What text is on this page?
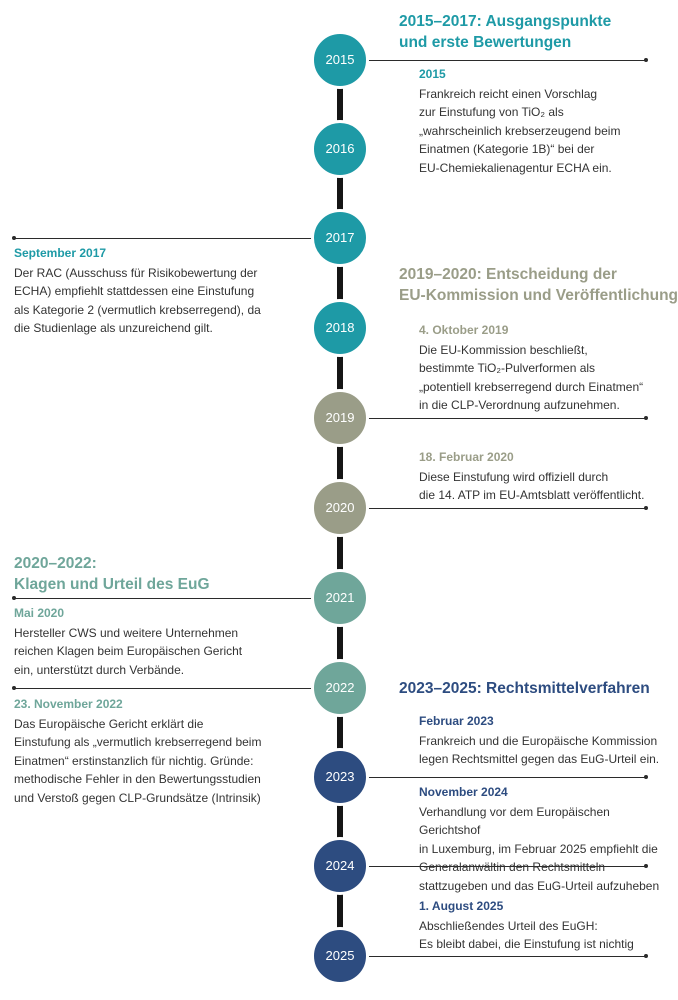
2015
2016
2017
2018
2019
2020
2021
2022
2023
2024
2025
2015–2017: Ausgangspunkte
und erste Bewertungen
2019–2020: Entscheidung der
EU-Kommission und Veröffentlichung
2020–2022:
Klagen und Urteil des EuG
2023–2025: Rechtsmittelverfahren
2015
Frankreich reicht einen Vorschlag
zur Einstufung von TiO₂ als
„wahrscheinlich krebserzeugend beim
Einatmen (Kategorie 1B)“ bei der
EU-Chemiekalienagentur ECHA ein.
September 2017
Der RAC (Ausschuss für Risikobewertung der
ECHA) empfiehlt stattdessen eine Einstufung
als Kategorie 2 (vermutlich krebserregend), da
die Studienlage als unzureichend gilt.	4. Oktober 2019
Die EU-Kommission beschließt,
bestimmte TiO₂-Pulverformen als
„potentiell krebserregend durch Einatmen“
in die CLP-Verordnung aufzunehmen.
18. Februar 2020
Diese Einstufung wird offiziell durch
die 14. ATP im EU-Amtsblatt veröffentlicht.
Mai 2020
Hersteller CWS und weitere Unternehmen
reichen Klagen beim Europäischen Gericht
ein, unterstützt durch Verbände.
23. November 2022
Das Europäische Gericht erklärt die
Einstufung als „vermutlich krebserregend beim
Einatmen“ erstinstanzlich für nichtig. Gründe:
methodische Fehler in den Bewertungsstudien
und Verstoß gegen CLP-Grundsätze (Intrinsik)
Februar 2023
Frankreich und die Europäische Kommission
legen Rechtsmittel gegen das EuG-Urteil ein.
November 2024
Verhandlung vor dem Europäischen Gerichtshof
in Luxemburg, im Februar 2025 empfiehlt die
Generalanwältin den Rechtsmitteln
stattzugeben und das EuG-Urteil aufzuheben
1. August 2025
Abschließendes Urteil des EuGH:
Es bleibt dabei, die Einstufung ist nichtig
